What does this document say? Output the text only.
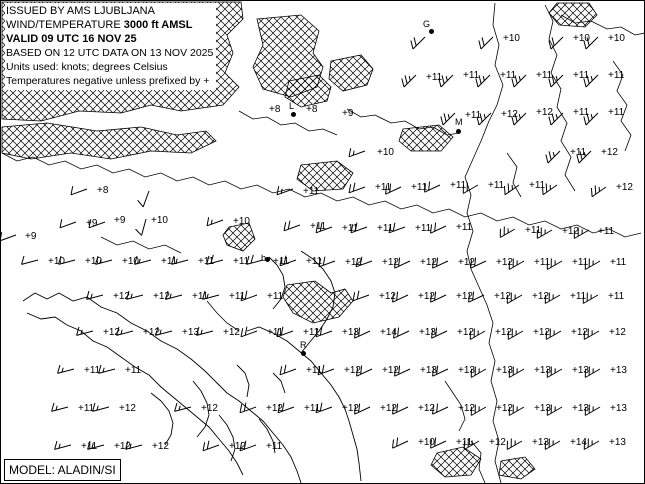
ISSUED BY AMS LJUBLJANA
WIND/TEMPERATURE 3000 ft AMSL
VALID 09 UTC 16 NOV 25
BASED ON 12 UTC DATA ON 13 NOV 2025
Units used: knots; degrees Celsius
Temperatures negative unless prefixed by +
MODEL: ALADIN/SI
+8	+8 +9
+10
+11
+8
+9 +9	+10
+9
+10	+11 +11 +11 +11 +11	+11 +12 +11
+11	+11 +11 +11 +11	+12
+11 +12
+11 +12 +12 +11 +11
+11 +11 +11 +11 +11 +11
+10	+10 +10
+10 +10 +10 +11 +11 +11 +11 +11 +12 +12 +12 +12 +12 +11 +11 +11
+12 +12 +11 +11 +11	+12 +12 +12 +12 +12 +11 +11
+12 +12 +13 +12	+11 +11 +13 +14 +13 +12 +12 +12 +12 +12
+11 +11	+11 +12 +12 +13 +13 +13 +13 +13 +13
+11 +12	+12	+12 +11 +12 +12 +12 +12 +12 +13 +13 +13
+11 +12 +12	+12 +11	+10 +11 +12	+13 +14 +13
G
M
L
R
b
